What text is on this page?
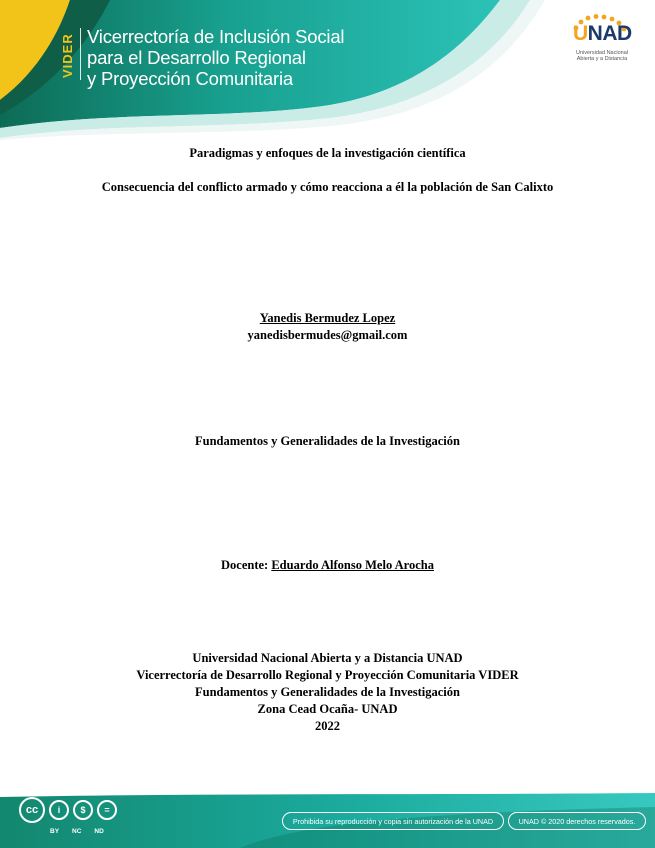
VIDER Vicerrectoría de Inclusión Social
para el Desarrollo Regional
y Proyección Comunitaria
UNAD
Universidad Nacional Abierta y a Distancia
Paradigmas y enfoques de la investigación científica
Consecuencia del conflicto armado y cómo reacciona a él la población de San Calixto
Yanedis Bermudez Lopez
yanedisbermudes@gmail.com
Fundamentos y Generalidades de la Investigación
Docente: Eduardo Alfonso Melo Arocha
Universidad Nacional Abierta y a Distancia UNAD
Vicerrectoría de Desarrollo Regional y Proyección Comunitaria VIDER
Fundamentos y Generalidades de la Investigación
Zona Cead Ocaña- UNAD
2022
cc	i	$	=
BY NC ND
Prohibida su reproducción y copia sin autorización de la UNAD	UNAD © 2020 derechos reservados.
